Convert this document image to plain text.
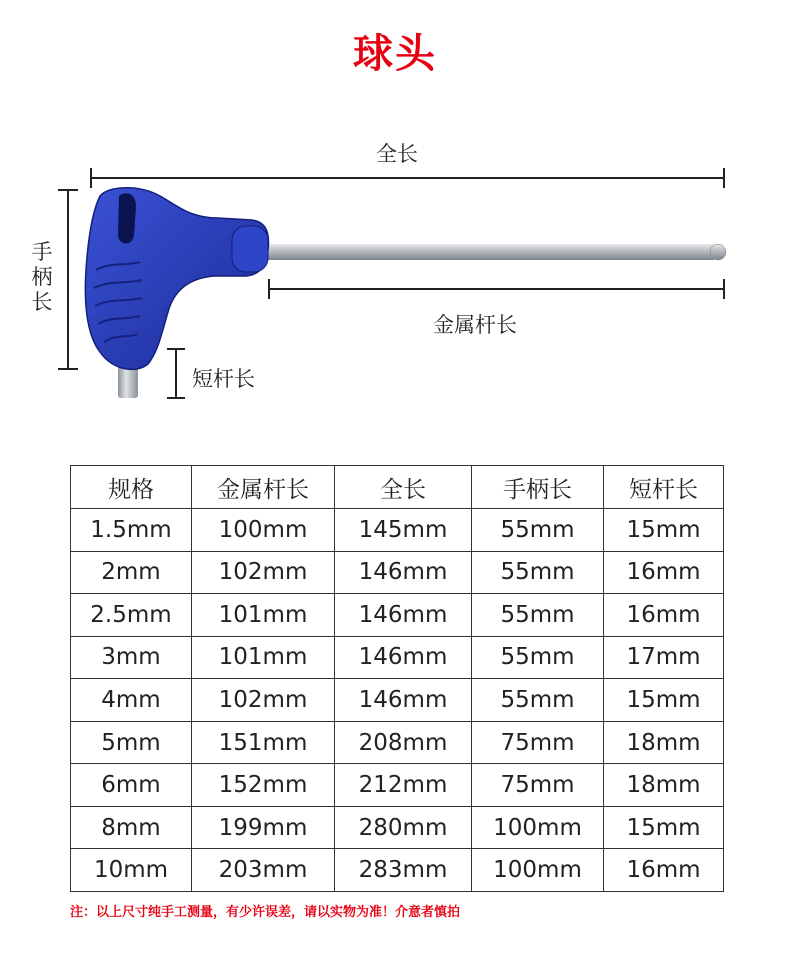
球头
全长
手柄长
金属杆长
短杆长
规格	金属杆长	全长	手柄长	短杆长
1.5mm	100mm	145mm	55mm	15mm
2mm	102mm	146mm	55mm	16mm
2.5mm	101mm	146mm	55mm	16mm
3mm	101mm	146mm	55mm	17mm
4mm	102mm	146mm	55mm	15mm
5mm	151mm	208mm	75mm	18mm
6mm	152mm	212mm	75mm	18mm
8mm	199mm	280mm	100mm	15mm
10mm	203mm	283mm	100mm	16mm
注：以上尺寸纯手工测量，有少许误差，请以实物为准！介意者慎拍
